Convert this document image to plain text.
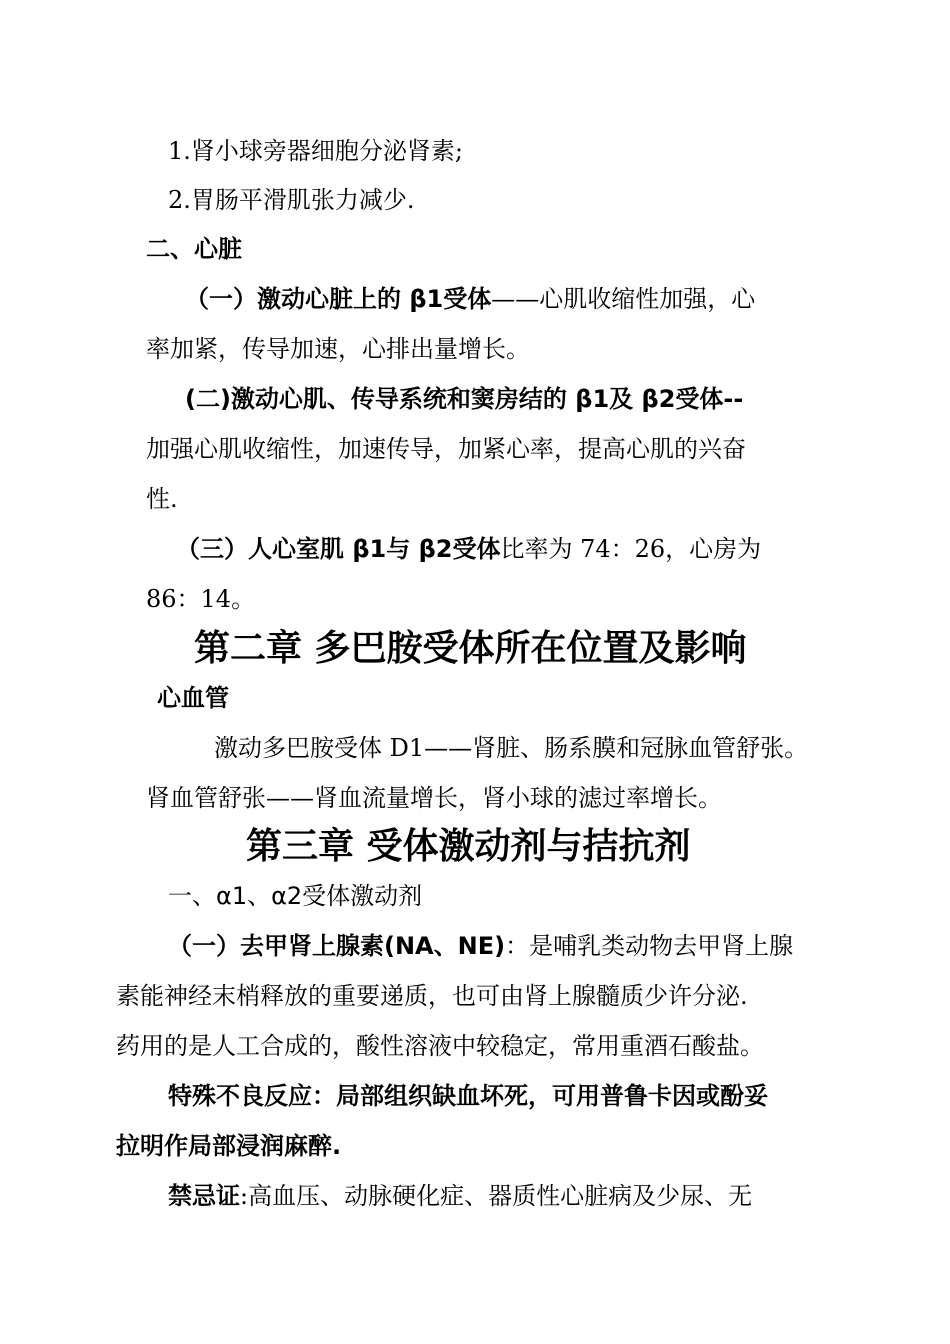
1.肾小球旁器细胞分泌肾素;

2.胃肠平滑肌张力减少.

二、心脏

（一）激动心脏上的 β1受体——心肌收缩性加强，心

率加紧，传导加速，心排出量增长。

(二)激动心肌、传导系统和窦房结的 β1及 β2受体--

加强心肌收缩性，加速传导，加紧心率，提高心肌的兴奋

性.

（三）人心室肌 β1与 β2受体比率为 74：26，心房为

86：14。

第二章 多巴胺受体所在位置及影响

心血管

激动多巴胺受体 D1——肾脏、肠系膜和冠脉血管舒张。

肾血管舒张——肾血流量增长，肾小球的滤过率增长。

第三章 受体激动剂与拮抗剂

一、α1、α2受体激动剂

（一）去甲肾上腺素(NA、NE)：是哺乳类动物去甲肾上腺

素能神经末梢释放的重要递质，也可由肾上腺髓质少许分泌.

药用的是人工合成的，酸性溶液中较稳定，常用重酒石酸盐。

特殊不良反应：局部组织缺血坏死，可用普鲁卡因或酚妥

拉明作局部浸润麻醉.

禁忌证:高血压、动脉硬化症、器质性心脏病及少尿、无
